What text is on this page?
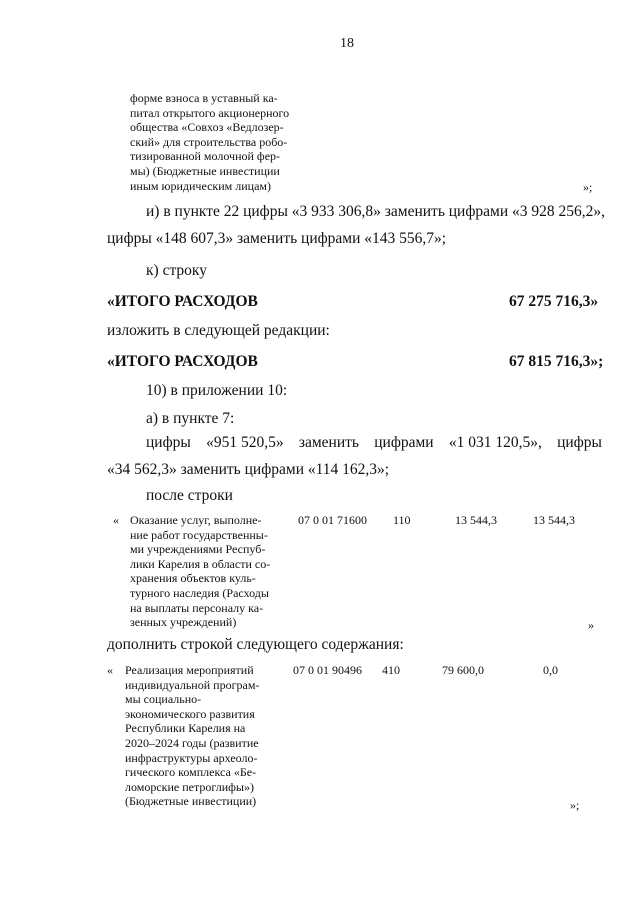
18
форме взноса в уставный ка-
питал открытого акционерного
общества «Совхоз «Ведлозер-
ский» для строительства робо-
тизированной молочной фер-
мы) (Бюджетные инвестиции
иным юридическим лицам)	»;
и) в пункте 22 цифры «3 933 306,8» заменить цифрами «3 928 256,2»,
цифры «148 607,3» заменить цифрами «143 556,7»;
к) строку
«ИТОГО РАСХОДОВ	67 275 716,3»
изложить в следующей редакции:
«ИТОГО РАСХОДОВ	67 815 716,3»;
10) в приложении 10:
а) в пункте 7:
цифры «951 520,5» заменить цифрами «1 031 120,5», цифры
«34 562,3» заменить цифрами «114 162,3»;
после строки
« Оказание услуг, выполне-
ние работ государственны-
ми учреждениями Респуб-
лики Карелия в области со-
хранения объектов куль-
турного наследия (Расходы
на выплаты персоналу ка-
зенных учреждений)
07 0 01 71600 110	13 544,3	13 544,3
»
дополнить строкой следующего содержания:
« Реализация мероприятий
индивидуальной програм-
мы социально-
экономического развития
Республики Карелия на
2020–2024 годы (развитие
инфраструктуры археоло-
гического комплекса «Бе-
ломорские петроглифы»)
(Бюджетные инвестиции)
07 0 01 90496 410	79 600,0	0,0
»;
